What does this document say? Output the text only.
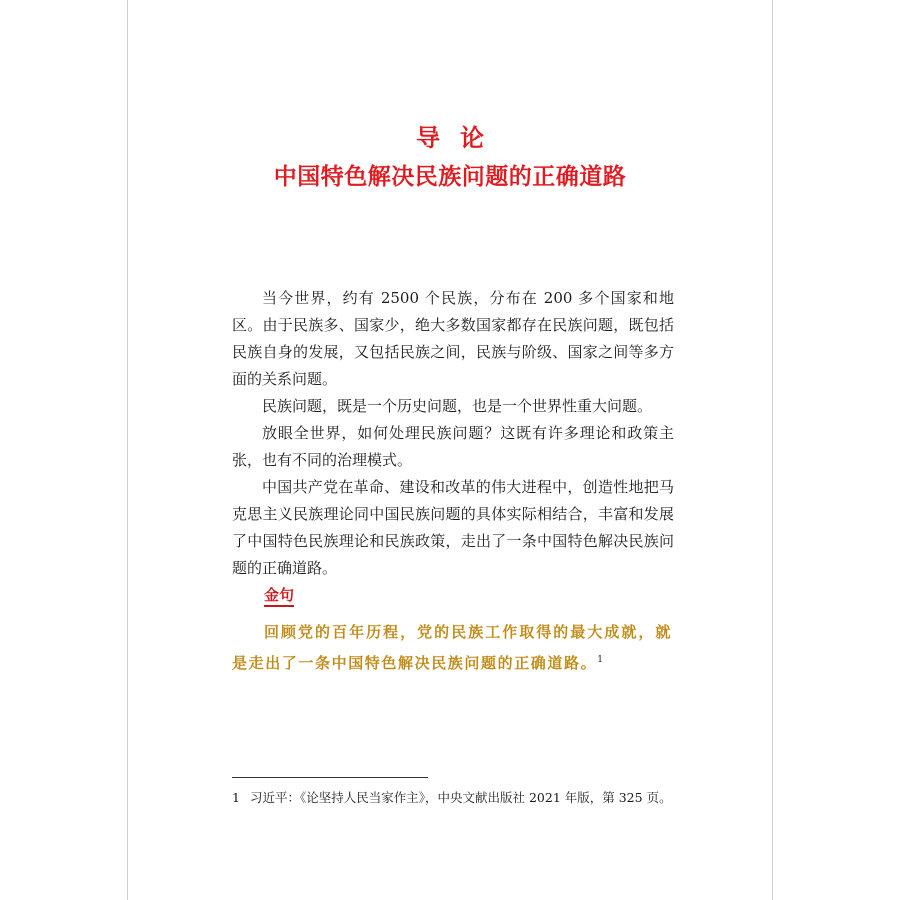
导论
中国特色解决民族问题的正确道路

当今世界，约有 2500 个民族，分布在 200 多个国家和地区。由于民族多、国家少，绝大多数国家都存在民族问题，既包括民族自身的发展，又包括民族之间，民族与阶级、国家之间等多方面的关系问题。

民族问题，既是一个历史问题，也是一个世界性重大问题。

放眼全世界，如何处理民族问题？这既有许多理论和政策主张，也有不同的治理模式。

中国共产党在革命、建设和改革的伟大进程中，创造性地把马克思主义民族理论同中国民族问题的具体实际相结合，丰富和发展了中国特色民族理论和民族政策，走出了一条中国特色解决民族问题的正确道路。

金句

回顾党的百年历程，党的民族工作取得的最大成就，就是走出了一条中国特色解决民族问题的正确道路。$^1$

1 习近平：《论坚持人民当家作主》，中央文献出版社 2021 年版，第 325 页。
